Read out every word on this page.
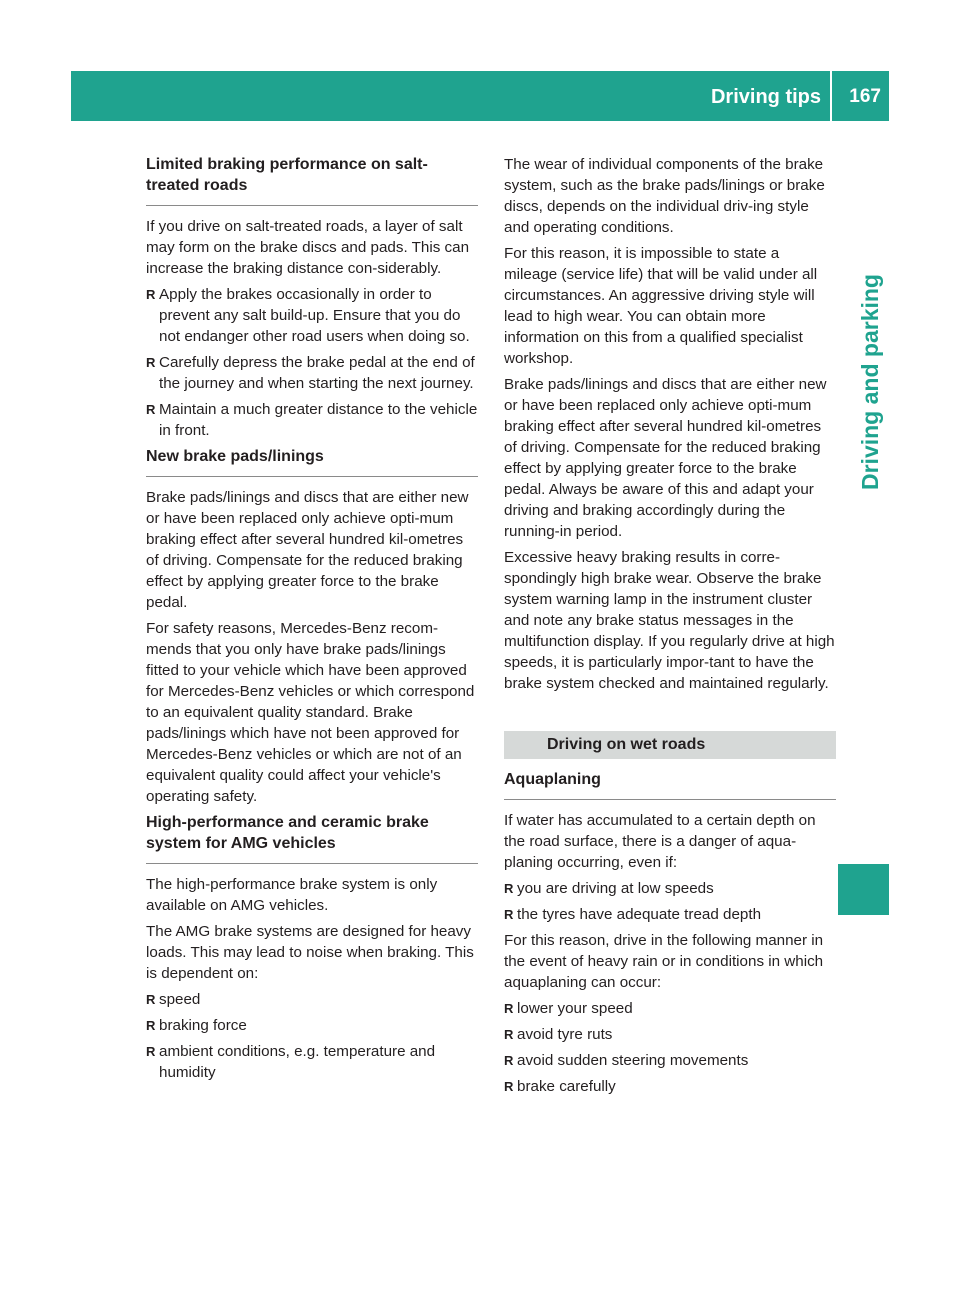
Driving tips 167
Driving and parking
Limited braking performance on salt-treated roads

If you drive on salt-treated roads, a layer of salt may form on the brake discs and pads. This can increase the braking distance con-siderably.

R Apply the brakes occasionally in order to prevent any salt build-up. Ensure that you do not endanger other road users when doing so.
R Carefully depress the brake pedal at the end of the journey and when starting the next journey.
R Maintain a much greater distance to the vehicle in front.
New brake pads/linings

Brake pads/linings and discs that are either new or have been replaced only achieve opti-mum braking effect after several hundred kil-ometres of driving. Compensate for the reduced braking effect by applying greater force to the brake pedal.

For safety reasons, Mercedes-Benz recom-mends that you only have brake pads/linings fitted to your vehicle which have been approved for Mercedes-Benz vehicles or which correspond to an equivalent quality standard. Brake pads/linings which have not been approved for Mercedes-Benz vehicles or which are not of an equivalent quality could affect your vehicle's operating safety.

High-performance and ceramic brake system for AMG vehicles

The high-performance brake system is only available on AMG vehicles.

The AMG brake systems are designed for heavy loads. This may lead to noise when braking. This is dependent on:

R speed
R braking force
R ambient conditions, e.g. temperature and humidity

The wear of individual components of the brake system, such as the brake pads/linings or brake discs, depends on the individual driv-ing style and operating conditions.

For this reason, it is impossible to state a mileage (service life) that will be valid under all circumstances. An aggressive driving style will lead to high wear. You can obtain more information on this from a qualified specialist workshop.

Brake pads/linings and discs that are either new or have been replaced only achieve opti-mum braking effect after several hundred kil-ometres of driving. Compensate for the reduced braking effect by applying greater force to the brake pedal. Always be aware of this and adapt your driving and braking accordingly during the running-in period.

Excessive heavy braking results in corre-spondingly high brake wear. Observe the brake system warning lamp in the instrument cluster and note any brake status messages in the multifunction display. If you regularly drive at high speeds, it is particularly impor-tant to have the brake system checked and maintained regularly.

Driving on wet roads
Aquaplaning

If water has accumulated to a certain depth on the road surface, there is a danger of aqua-planing occurring, even if:

R you are driving at low speeds
R the tyres have adequate tread depth

For this reason, drive in the following manner in the event of heavy rain or in conditions in which aquaplaning can occur:

R lower your speed
R avoid tyre ruts
R avoid sudden steering movements
R brake carefully
